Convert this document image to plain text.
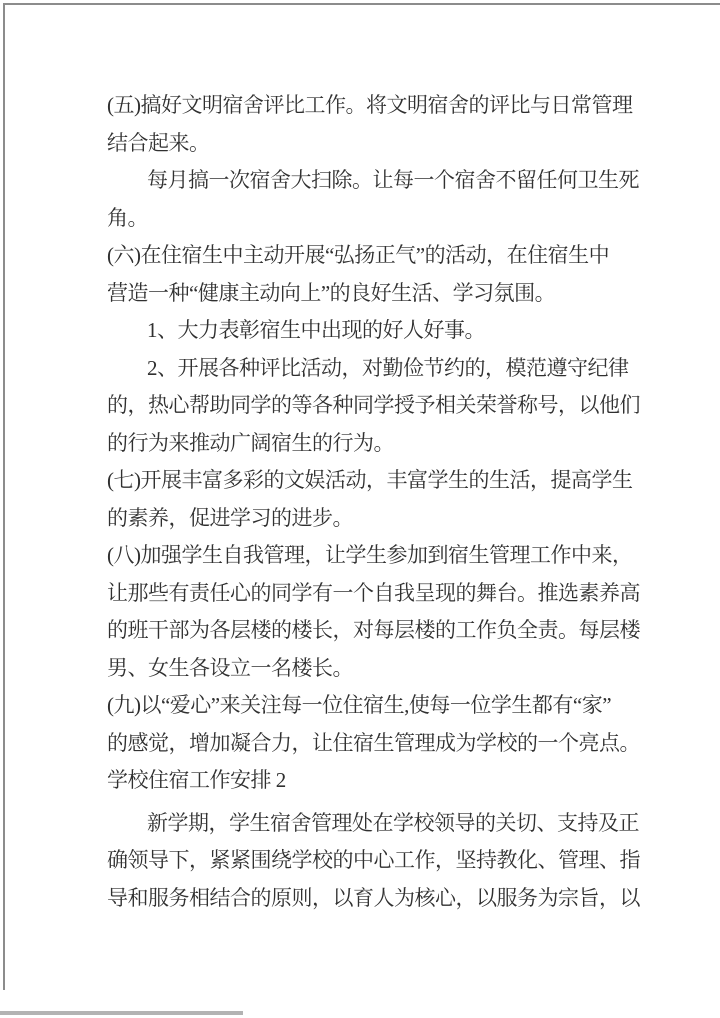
(五)搞好文明宿舍评比工作。将文明宿舍的评比与日常管理
结合起来。
每月搞一次宿舍大扫除。让每一个宿舍不留任何卫生死
角。
(六)在住宿生中主动开展“弘扬正气”的活动，在住宿生中
营造一种“健康主动向上”的良好生活、学习氛围。
1、大力表彰宿生中出现的好人好事。
2、开展各种评比活动，对勤俭节约的，模范遵守纪律
的，热心帮助同学的等各种同学授予相关荣誉称号，以他们
的行为来推动广阔宿生的行为。
(七)开展丰富多彩的文娱活动，丰富学生的生活，提高学生
的素养，促进学习的进步。
(八)加强学生自我管理，让学生参加到宿生管理工作中来，
让那些有责任心的同学有一个自我呈现的舞台。推选素养高
的班干部为各层楼的楼长，对每层楼的工作负全责。每层楼
男、女生各设立一名楼长。
(九)以“爱心”来关注每一位住宿生,使每一位学生都有“家”
的感觉，增加凝合力，让住宿生管理成为学校的一个亮点。
学校住宿工作安排 2
新学期，学生宿舍管理处在学校领导的关切、支持及正
确领导下，紧紧围绕学校的中心工作，坚持教化、管理、指
导和服务相结合的原则，以育人为核心，以服务为宗旨，以
